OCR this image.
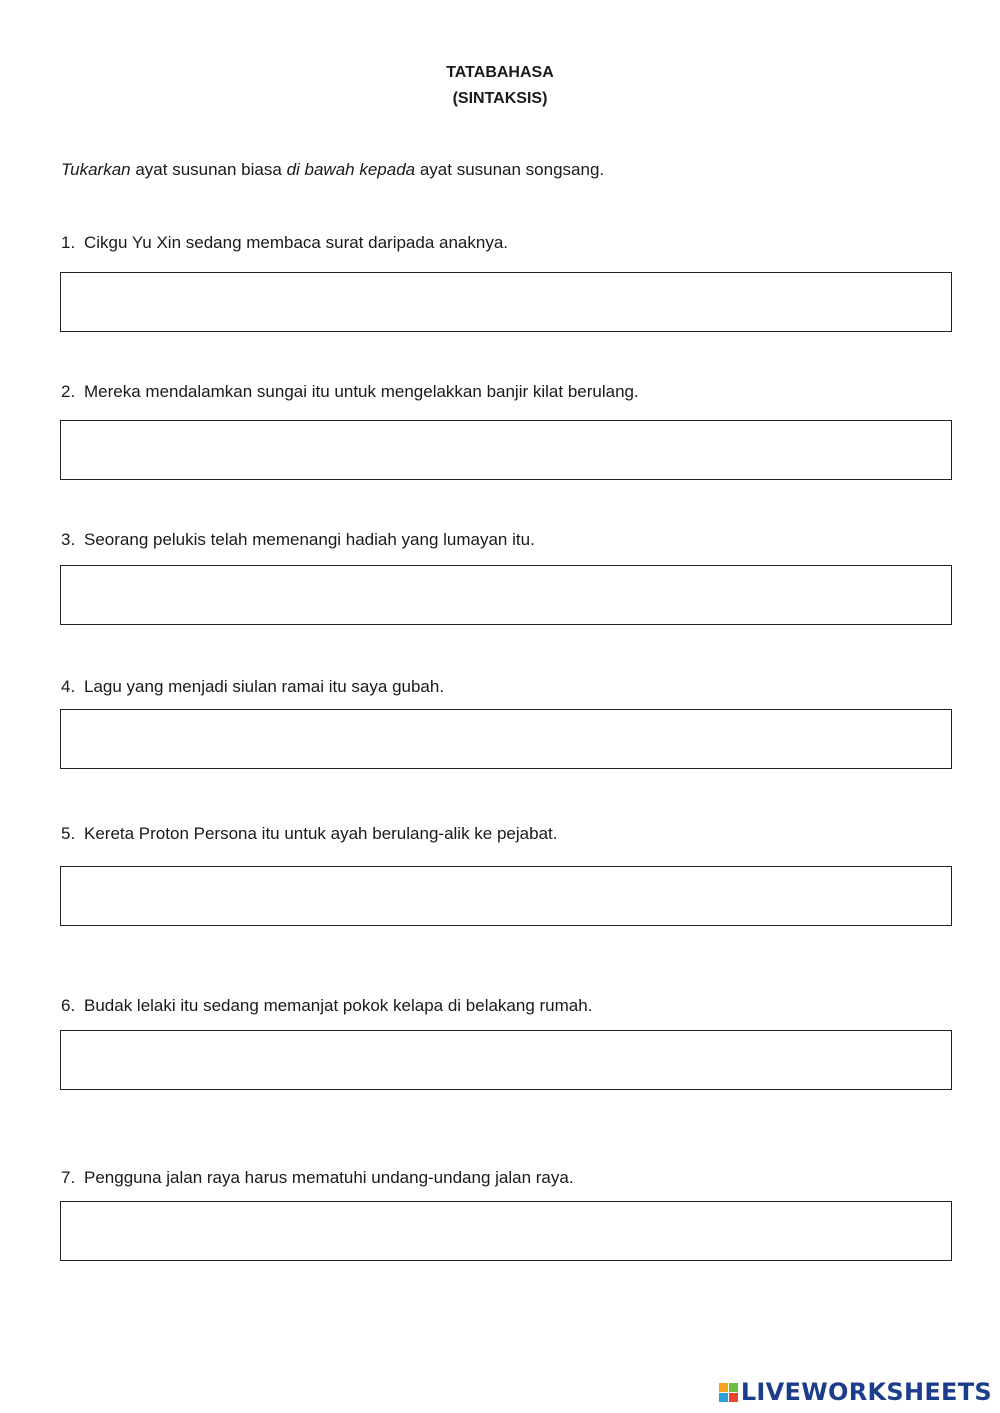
TATABAHASA
(SINTAKSIS)
Tukarkan ayat susunan biasa di bawah kepada ayat susunan songsang.
1. Cikgu Yu Xin sedang membaca surat daripada anaknya.
2. Mereka mendalamkan sungai itu untuk mengelakkan banjir kilat berulang.
3. Seorang pelukis telah memenangi hadiah yang lumayan itu.
4. Lagu yang menjadi siulan ramai itu saya gubah.
5. Kereta Proton Persona itu untuk ayah berulang-alik ke pejabat.
6. Budak lelaki itu sedang memanjat pokok kelapa di belakang rumah.
7. Pengguna jalan raya harus mematuhi undang-undang jalan raya.
LIVEWORKSHEETS
